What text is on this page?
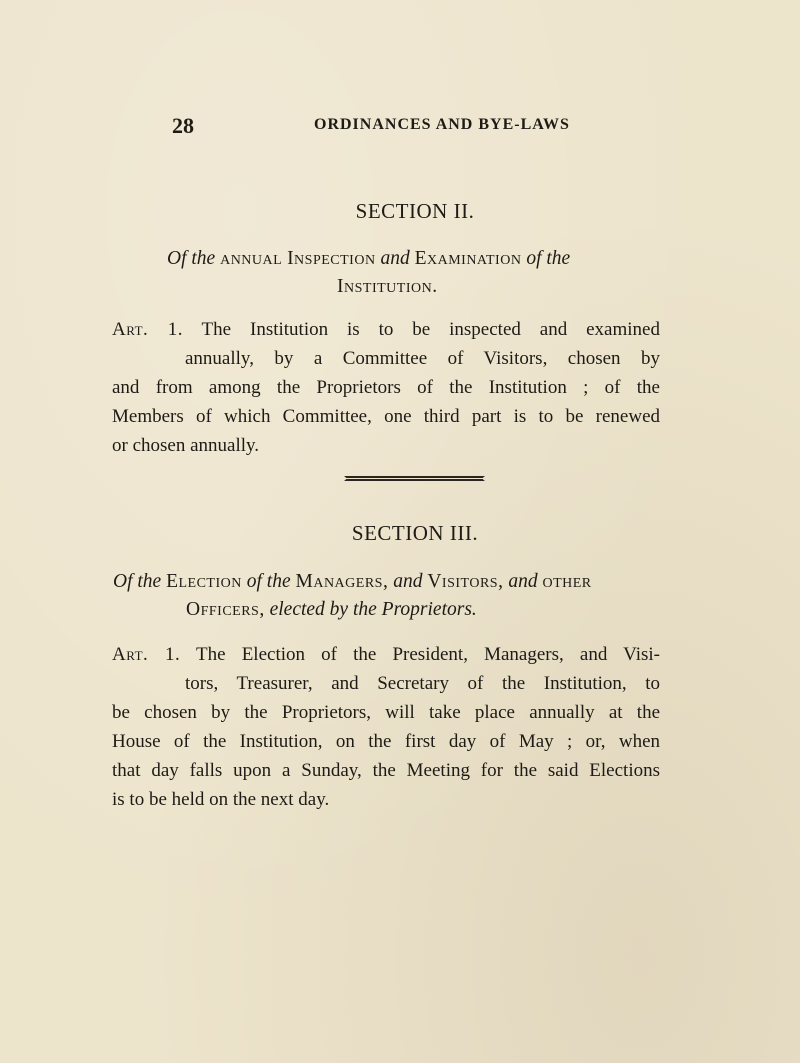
28	ORDINANCES AND BYE-LAWS
SECTION II.
Of the annual Inspection and Examination of the
Institution.
Art. 1. The Institution is to be inspected and examined
annually, by a Committee of Visitors, chosen by
and from among the Proprietors of the Institution ; of the
Members of which Committee, one third part is to be renewed
or chosen annually.
SECTION III.
Of the Election of the Managers, and Visitors, and other
Officers, elected by the Proprietors.
Art. 1. The Election of the President, Managers, and Visi-
tors, Treasurer, and Secretary of the Institution, to
be chosen by the Proprietors, will take place annually at the
House of the Institution, on the first day of May ; or, when
that day falls upon a Sunday, the Meeting for the said Elections
is to be held on the next day.
